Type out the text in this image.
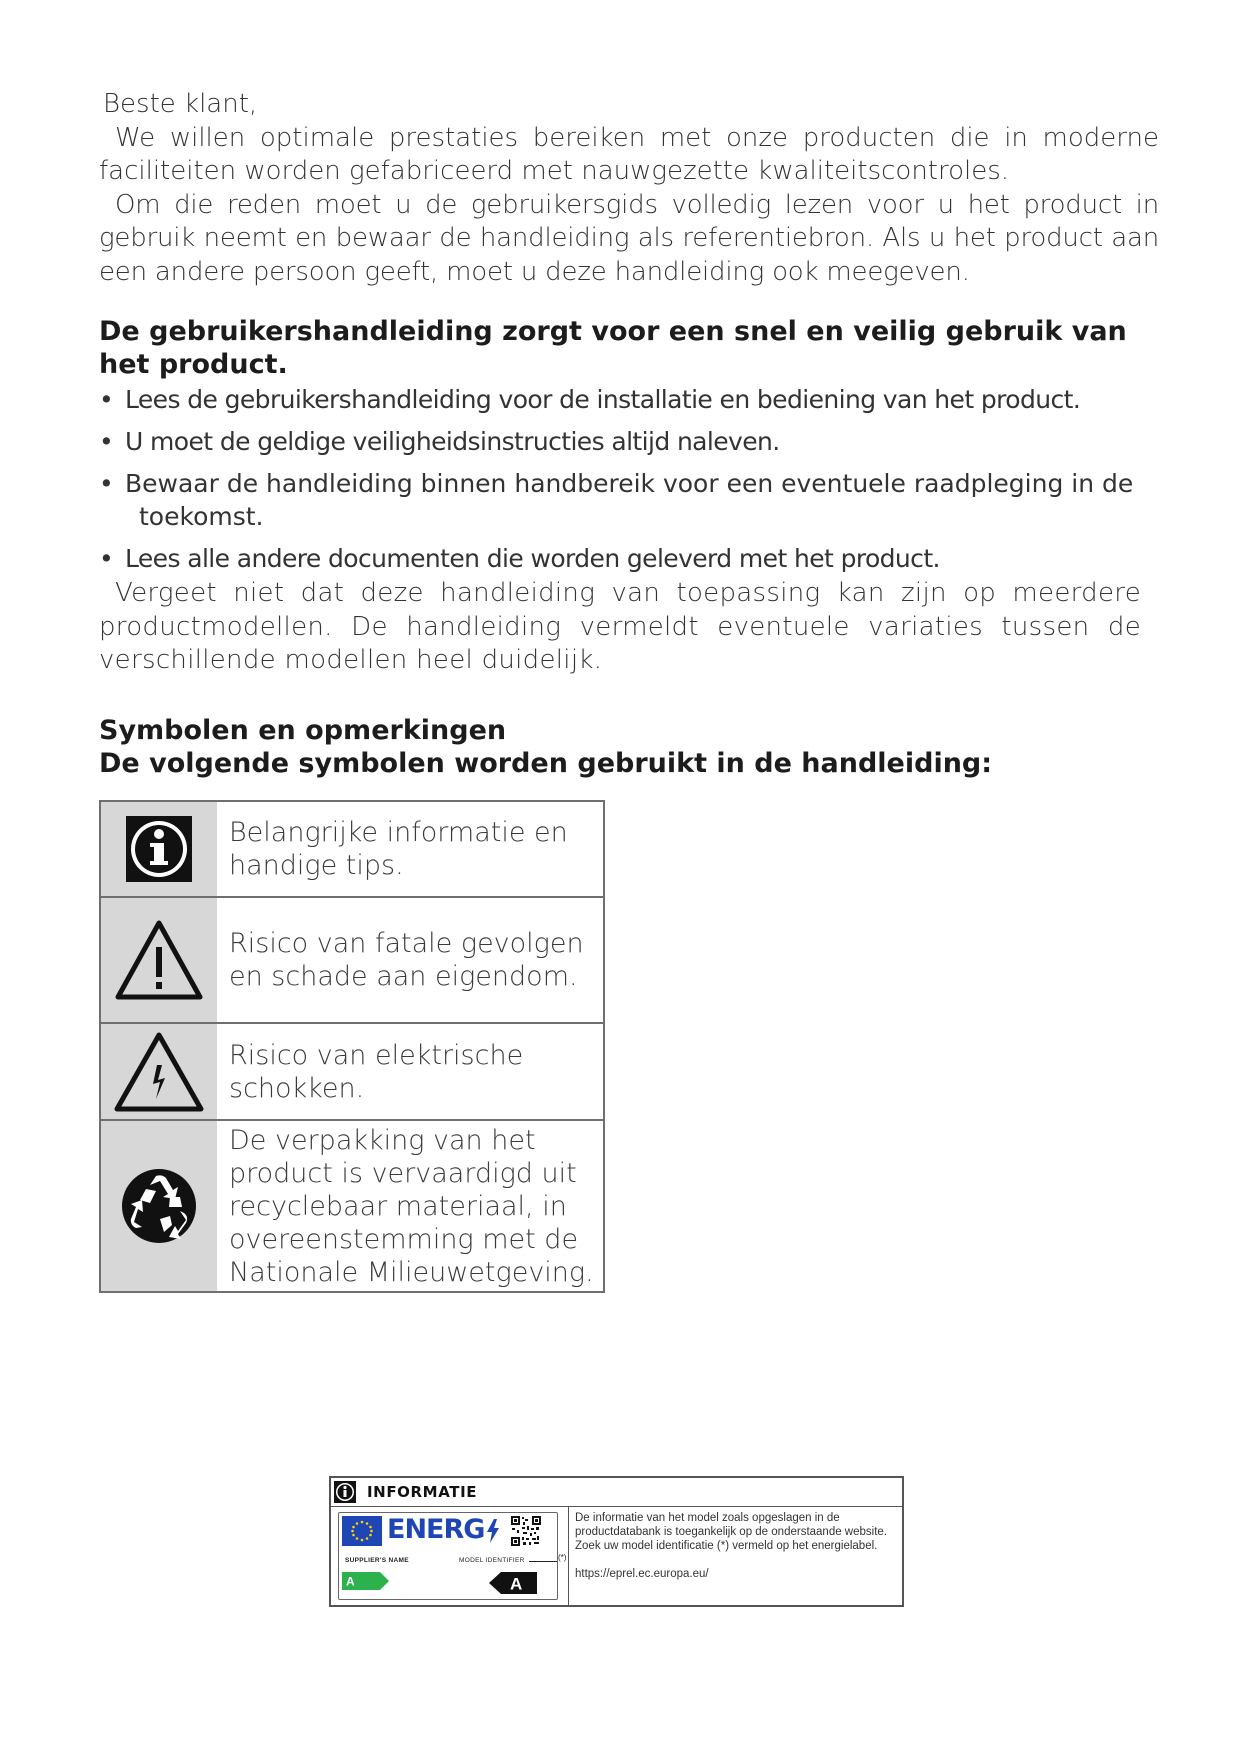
Beste klant,

We willen optimale prestaties bereiken met onze producten die in moderne faciliteiten worden gefabriceerd met nauwgezette kwaliteitscontroles.

Om die reden moet u de gebruikersgids volledig lezen voor u het product in gebruik neemt en bewaar de handleiding als referentiebron. Als u het product aan een andere persoon geeft, moet u deze handleiding ook meegeven.

De gebruikershandleiding zorgt voor een snel en veilig gebruik van het product.
• Lees de gebruikershandleiding voor de installatie en bediening van het product.
• U moet de geldige veiligheidsinstructies altijd naleven.
• Bewaar de handleiding binnen handbereik voor een eventuele raadpleging in de
toekomst.
• Lees alle andere documenten die worden geleverd met het product.

Vergeet niet dat deze handleiding van toepassing kan zijn op meerdere productmodellen. De handleiding vermeldt eventuele variaties tussen de verschillende modellen heel duidelijk.

Symbolen en opmerkingen
De volgende symbolen worden gebruikt in de handleiding:
	Belangrijke informatie en handige tips.

	Risico van fatale gevolgen en schade aan eigendom.

	Risico van elektrische schokken.

	De verpakking van het product is vervaardigd uit recyclebaar materiaal, in overeenstemming met de Nationale Milieuwetgeving.
INFORMATIE
ENERG
SUPPLIER'S NAME	MODEL IDENTIFIER	(*)
A	A
De informatie van het model zoals opgeslagen in de productdatabank is toegankelijk op de onderstaande website. Zoek uw model identificatie (*) vermeld op het energielabel.
https://eprel.ec.europa.eu/
